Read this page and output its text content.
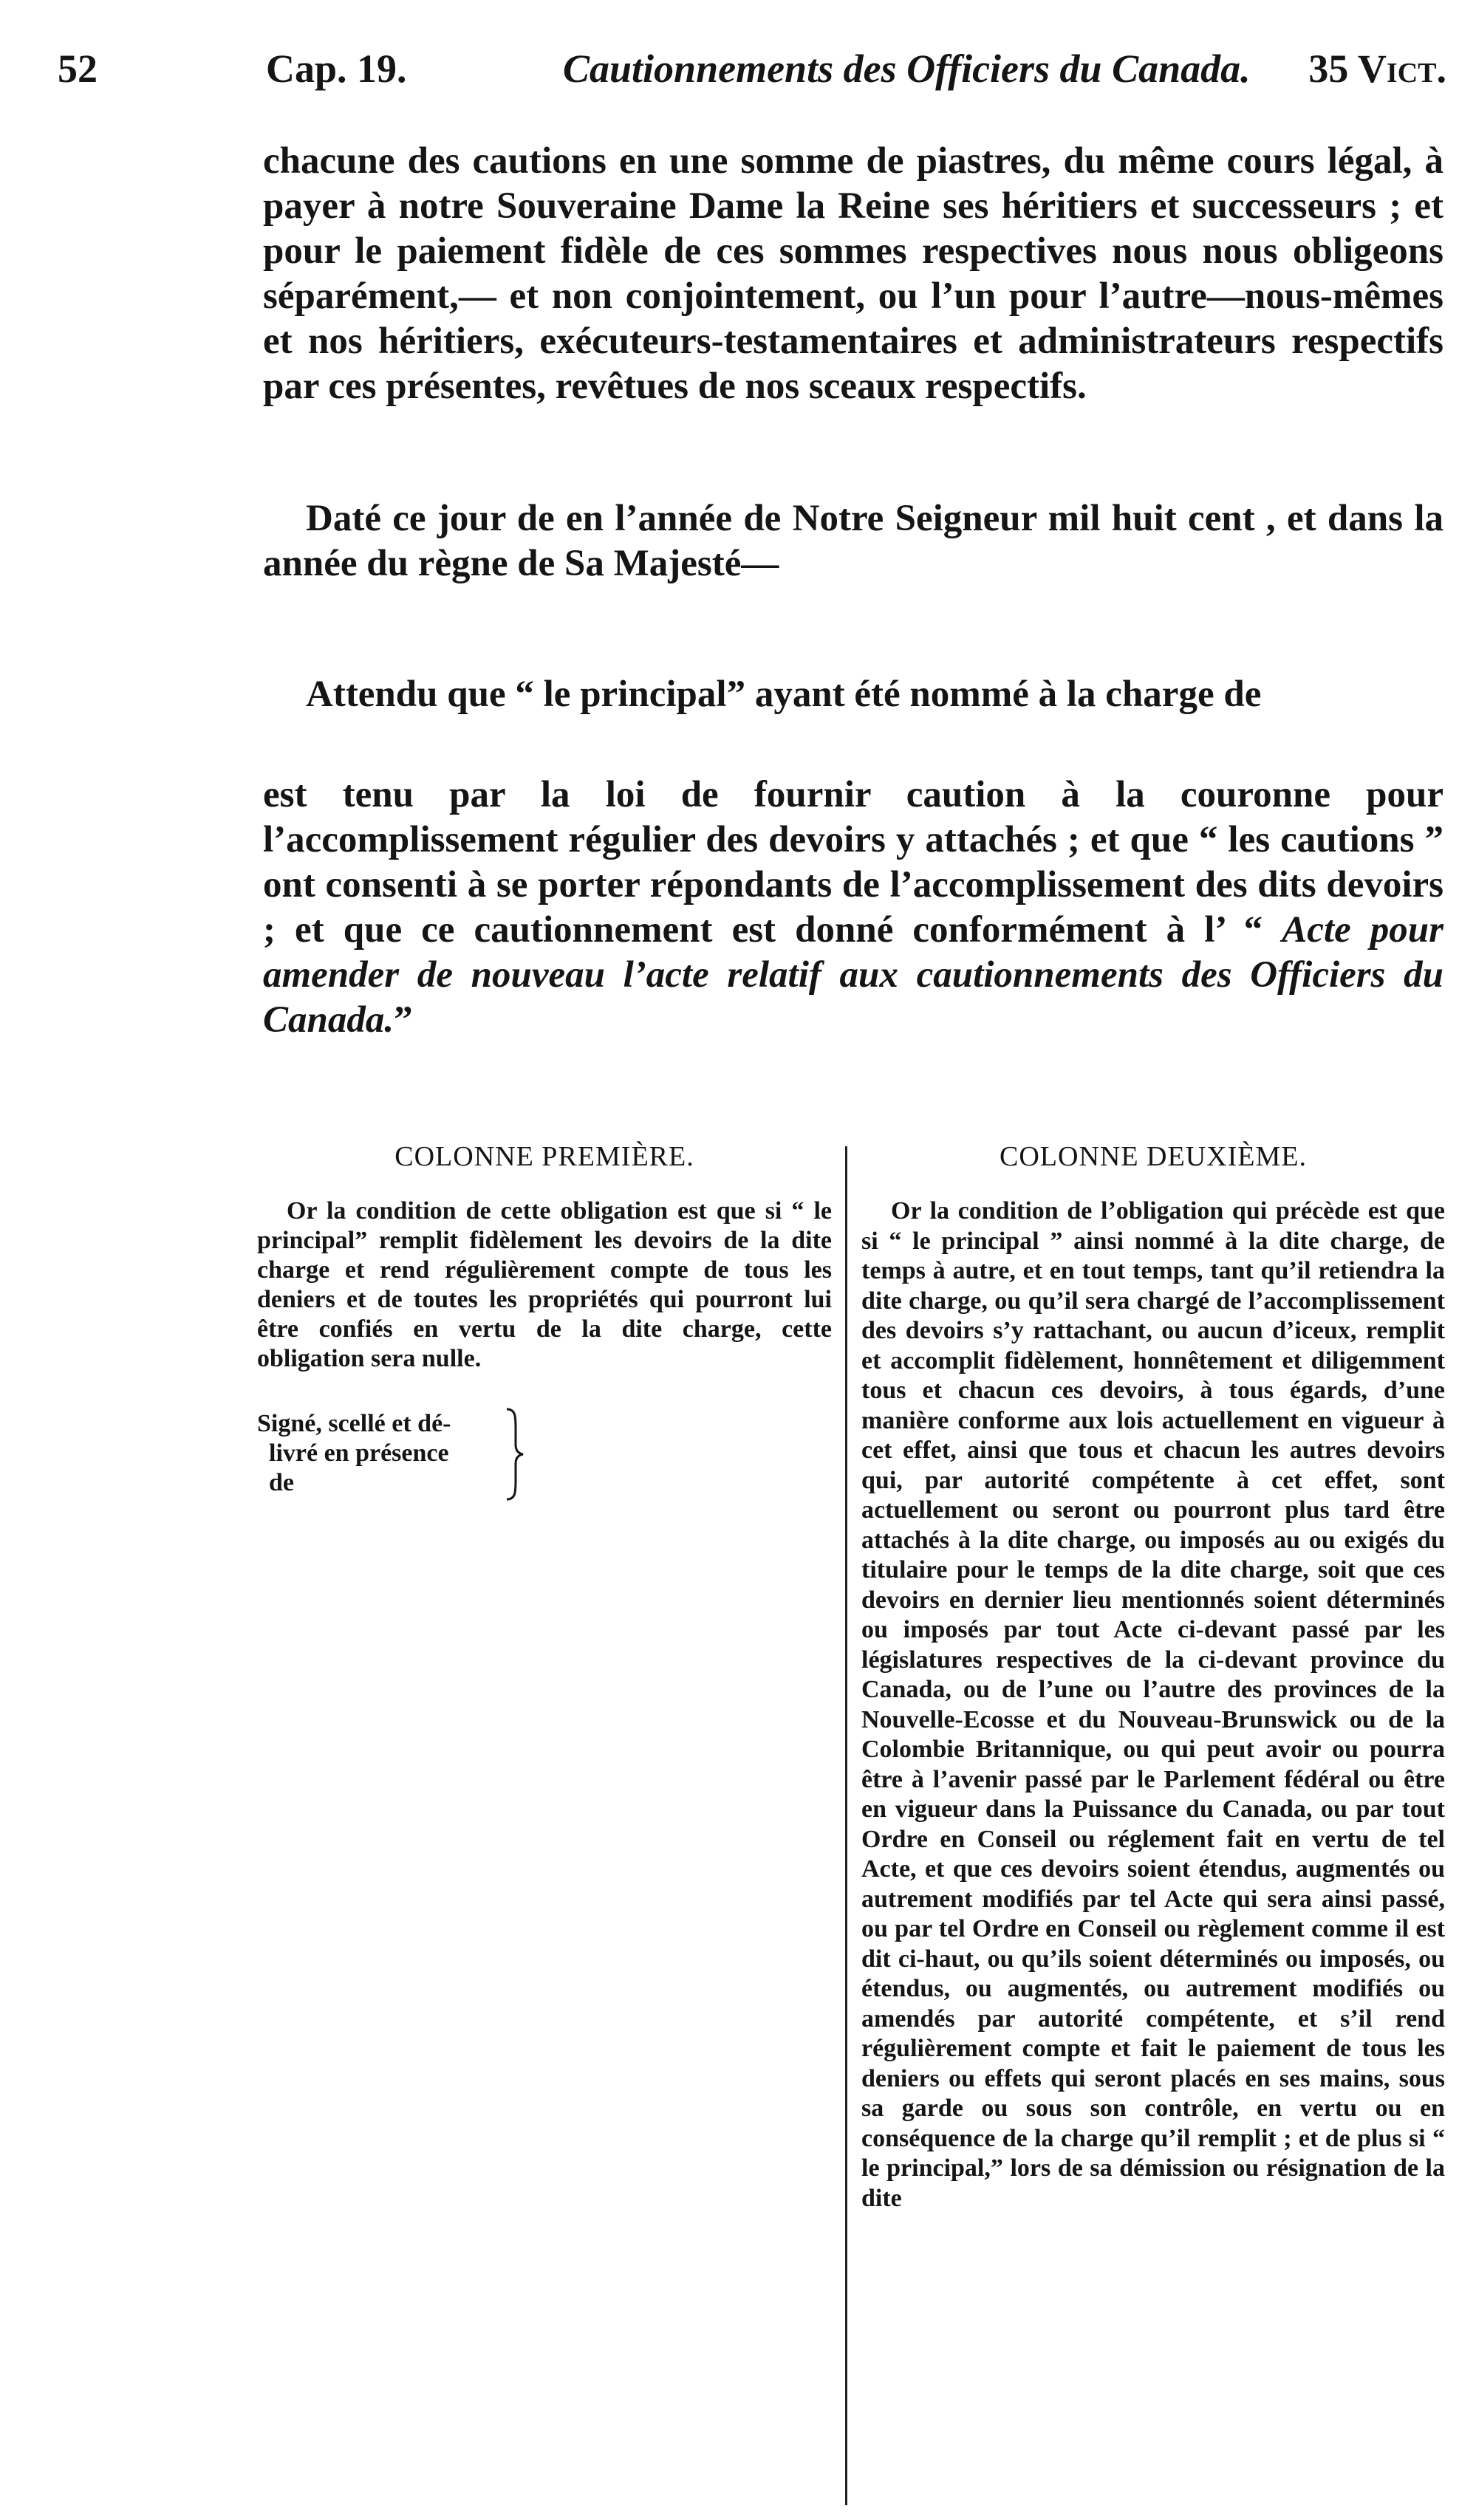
52	Cap. 19.	Cautionnements des Officiers du Canada. 35 Vict.

chacune des cautions en une somme de piastres, du même cours légal, à payer à notre Souveraine Dame la Reine ses héritiers et successeurs ; et pour le paiement fidèle de ces sommes respectives nous nous obligeons séparément,— et non conjointement, ou l’un pour l’autre—nous-mêmes et nos héritiers, exécuteurs-testamentaires et administrateurs respectifs par ces présentes, revêtues de nos sceaux respectifs.

Daté ce jour de en l’année de Notre Seigneur mil huit cent , et dans la année du règne de Sa Majesté—

Attendu que “ le principal” ayant été nommé à la charge de

est tenu par la loi de fournir caution à la couronne pour l’accomplissement régulier des devoirs y attachés ; et que “ les cautions ” ont consenti à se porter répondants de l’accomplissement des dits devoirs ; et que ce cautionnement est donné conformément à l’ “ Acte pour amender de nouveau l’acte relatif aux cautionnements des Officiers du Canada.”

COLONNE PREMIÈRE.
Or la condition de cette obligation est que si “ le principal” remplit fidèlement les devoirs de la dite charge et rend régulièrement compte de tous les deniers et de toutes les propriétés qui pourront lui être confiés en vertu de la dite charge, cette obligation sera nulle.
Signé, scellé et dé-
livré en présence
de
COLONNE DEUXIÈME.
Or la condition de l’obligation qui précède est que si “ le principal ” ainsi nommé à la dite charge, de temps à autre, et en tout temps, tant qu’il retiendra la dite charge, ou qu’il sera chargé de l’accomplissement des devoirs s’y rattachant, ou aucun d’iceux, remplit et accomplit fidèlement, honnêtement et diligemment tous et chacun ces devoirs, à tous égards, d’une manière conforme aux lois actuellement en vigueur à cet effet, ainsi que tous et chacun les autres devoirs qui, par autorité compétente à cet effet, sont actuellement ou seront ou pourront plus tard être attachés à la dite charge, ou imposés au ou exigés du titulaire pour le temps de la dite charge, soit que ces devoirs en dernier lieu mentionnés soient déterminés ou imposés par tout Acte ci-devant passé par les législatures respectives de la ci-devant province du Canada, ou de l’une ou l’autre des provinces de la Nouvelle-Ecosse et du Nouveau-Brunswick ou de la Colombie Britannique, ou qui peut avoir ou pourra être à l’avenir passé par le Parlement fédéral ou être en vigueur dans la Puissance du Canada, ou par tout Ordre en Conseil ou réglement fait en vertu de tel Acte, et que ces devoirs soient étendus, augmentés ou autrement modifiés par tel Acte qui sera ainsi passé, ou par tel Ordre en Conseil ou règlement comme il est dit ci-haut, ou qu’ils soient déterminés ou imposés, ou étendus, ou augmentés, ou autrement modifiés ou amendés par autorité compétente, et s’il rend régulièrement compte et fait le paiement de tous les deniers ou effets qui seront placés en ses mains, sous sa garde ou sous son contrôle, en vertu ou en conséquence de la charge qu’il remplit ; et de plus si “ le principal,” lors de sa démission ou résignation de la dite
